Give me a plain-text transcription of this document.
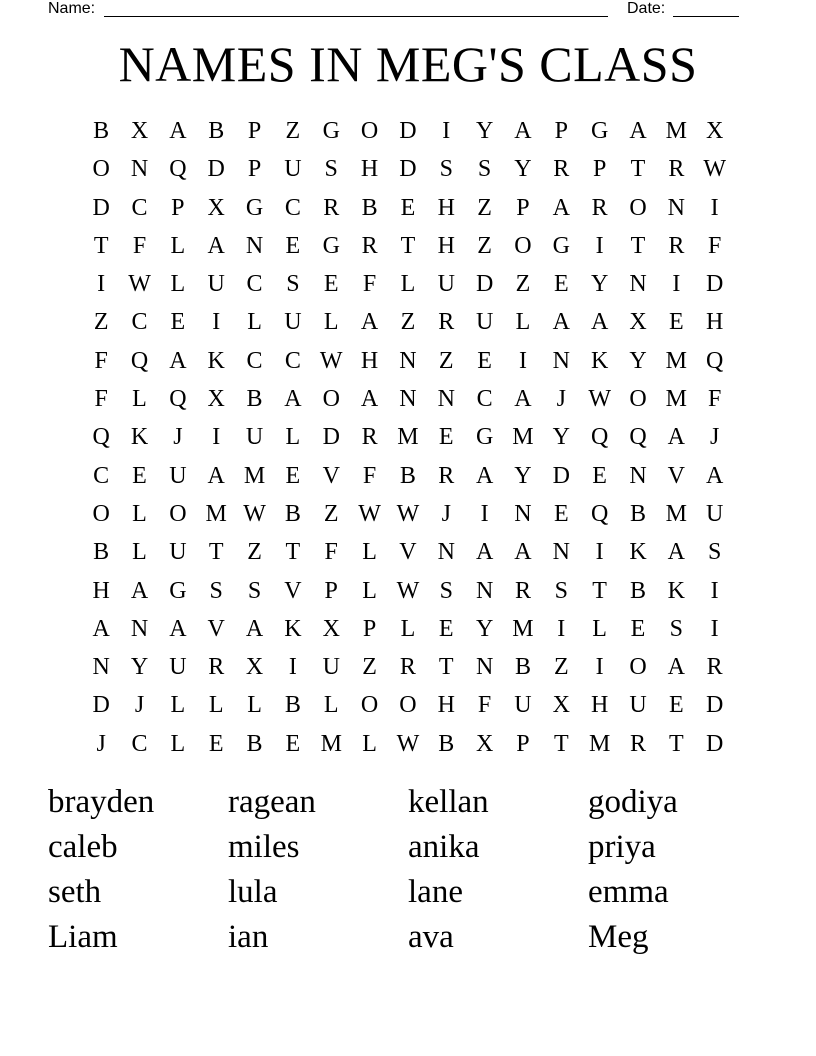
Name:	Date:
NAMES IN MEG'S CLASS
B X A B P	Z G O D	I	Y A P G A M X
O N Q D P U S H D S	S Y R P	T R W
D C P X G C R B E H Z	P A R O N	I
T	F	L A N E G R T H Z O G	I	T R F
I W L U C S	E	F	L U D Z E Y N	I	D
Z C E	I	L U L A Z R U L A A X E H
F Q A K C C W H N Z E	I	N K Y M Q
F	L Q X B A O A N N C A	J W O M F
Q K	J	I	U L D R M E G M Y Q Q A	J
C E U A M E V F B R A Y D E N V A
O L O M W B Z W W J	I	N E Q B M U
B L U T Z T	F	L V N A A N	I	K A S
H A G S	S V P	L W S N R S	T B K	I
A N A V A K X P	L E Y M I	L E	S	I
N Y U R X	I	U Z R T N B Z	I	O A R
D	J	L L L B L O O H F U X H U E D
J	C L E B E M L W B X P	T M R T D
brayden	ragean	kellan	godiya
caleb	miles	anika	priya
seth	lula	lane	emma
Liam	ian	ava	Meg
